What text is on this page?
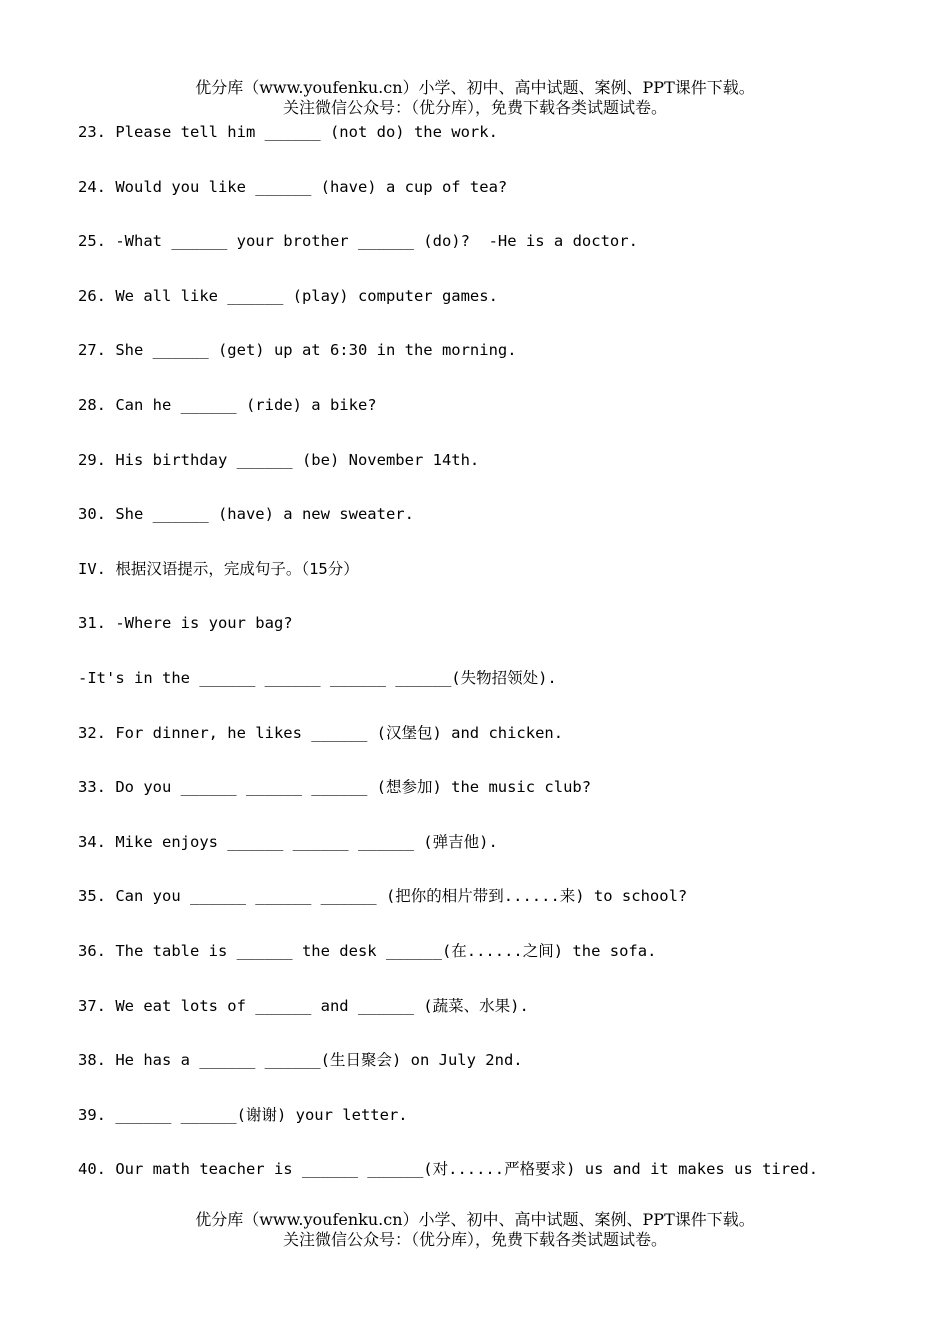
优分库（www.youfenku.cn）小学、初中、高中试题、案例、PPT课件下载。
关注微信公众号：（优分库），免费下载各类试题试卷。
23. Please tell him ______ (not do) the work.
24. Would you like ______ (have) a cup of tea?
25. -What ______ your brother ______ (do)?  -He is a doctor.
26. We all like ______ (play) computer games.
27. She ______ (get) up at 6:30 in the morning.
28. Can he ______ (ride) a bike?
29. His birthday ______ (be) November 14th.
30. She ______ (have) a new sweater.
IV. 根据汉语提示，完成句子。（15分）
31. -Where is your bag?
-It's in the ______ ______ ______ ______(失物招领处).
32. For dinner, he likes ______ (汉堡包) and chicken.
33. Do you ______ ______ ______ (想参加) the music club?
34. Mike enjoys ______ ______ ______ (弹吉他).
35. Can you ______ ______ ______ (把你的相片带到......来) to school?
36. The table is ______ the desk ______(在......之间) the sofa.
37. We eat lots of ______ and ______ (蔬菜、水果).
38. He has a ______ ______(生日聚会) on July 2nd.
39. ______ ______(谢谢) your letter.
40. Our math teacher is ______ ______(对......严格要求) us and it makes us tired.
优分库（www.youfenku.cn）小学、初中、高中试题、案例、PPT课件下载。
关注微信公众号：（优分库），免费下载各类试题试卷。
